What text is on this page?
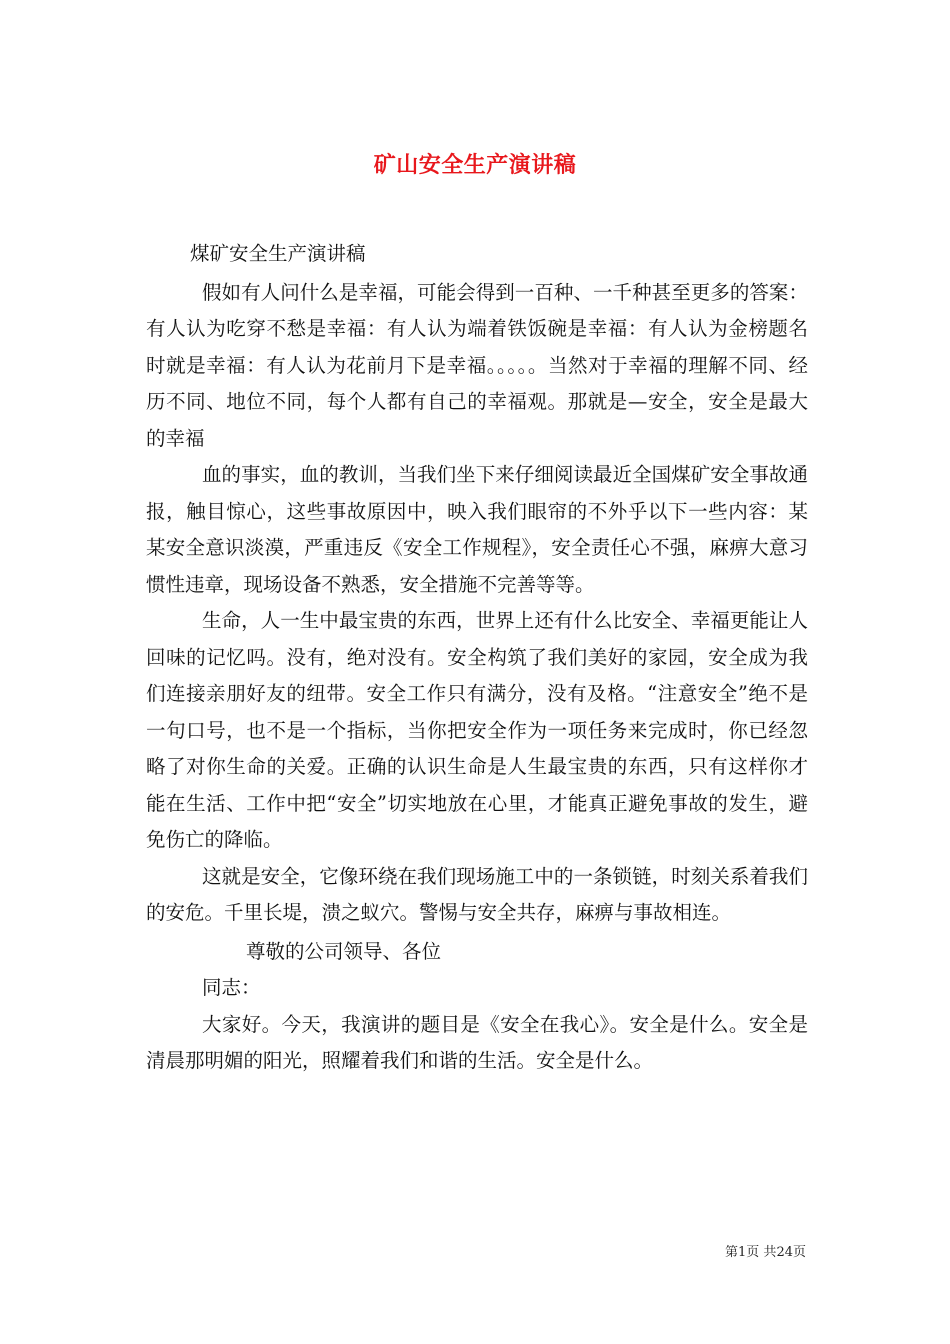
矿山安全生产演讲稿

煤矿安全生产演讲稿

假如有人问什么是幸福，可能会得到一百种、一千种甚至更多的答案：有人认为吃穿不愁是幸福：有人认为端着铁饭碗是幸福：有人认为金榜题名时就是幸福：有人认为花前月下是幸福。。。。。当然对于幸福的理解不同、经历不同、地位不同，每个人都有自己的幸福观。那就是—安全，安全是最大的幸福

血的事实，血的教训，当我们坐下来仔细阅读最近全国煤矿安全事故通报，触目惊心，这些事故原因中，映入我们眼帘的不外乎以下一些内容：某某安全意识淡漠，严重违反《安全工作规程》，安全责任心不强，麻痹大意习惯性违章，现场设备不熟悉，安全措施不完善等等。

生命，人一生中最宝贵的东西，世界上还有什么比安全、幸福更能让人回味的记忆吗。没有，绝对没有。安全构筑了我们美好的家园，安全成为我们连接亲朋好友的纽带。安全工作只有满分，没有及格。“注意安全”绝不是一句口号，也不是一个指标，当你把安全作为一项任务来完成时，你已经忽略了对你生命的关爱。正确的认识生命是人生最宝贵的东西，只有这样你才能在生活、工作中把“安全”切实地放在心里，才能真正避免事故的发生，避免伤亡的降临。

这就是安全，它像环绕在我们现场施工中的一条锁链，时刻关系着我们的安危。千里长堤，溃之蚁穴。警惕与安全共存，麻痹与事故相连。

尊敬的公司领导、各位

同志：

大家好。今天，我演讲的题目是《安全在我心》。安全是什么。安全是清晨那明媚的阳光，照耀着我们和谐的生活。安全是什么。

第1页 共24页
